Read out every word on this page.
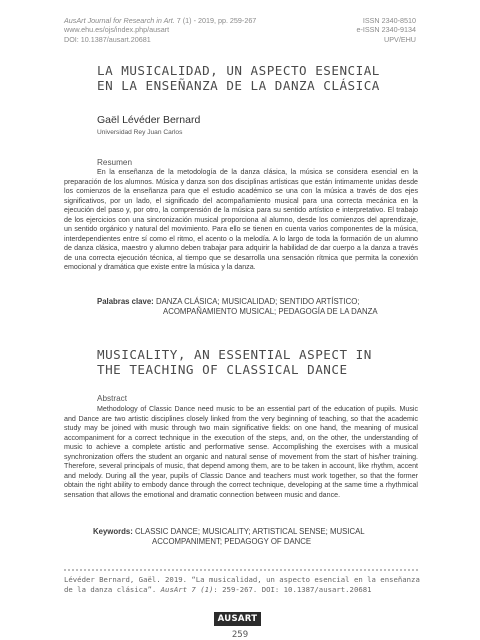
AusArt Journal for Research in Art. 7 (1) - 2019, pp. 259-267
www.ehu.es/ojs/index.php/ausart
DOI: 10.1387/ausart.20681
ISSN 2340-8510
e-ISSN 2340-9134
UPV/EHU
LA MUSICALIDAD, UN ASPECTO ESENCIAL
EN LA ENSEÑANZA DE LA DANZA CLÁSICA
Gaël Lévéder Bernard
Universidad Rey Juan Carlos
Resumen

En la enseñanza de la metodología de la danza clásica, la música se considera esencial en la preparación de los alumnos. Música y danza son dos disciplinas artísticas que están íntimamente unidas desde los comienzos de la enseñanza para que el estudio académico se una con la música a través de dos ejes significativos, por un lado, el significado del acompañamiento musical para una correcta mecánica en la ejecución del paso y, por otro, la comprensión de la música para su sentido artístico e interpretativo. El trabajo de los ejercicios con una sincronización musical proporciona al alumno, desde los comienzos del aprendizaje, un sentido orgánico y natural del movimiento. Para ello se tienen en cuenta varios componentes de la música, interdependientes entre sí como el ritmo, el acento o la melodía. A lo largo de toda la formación de un alumno de danza clásica, maestro y alumno deben trabajar para adquirir la habilidad de dar cuerpo a la danza a través de una correcta ejecución técnica, al tiempo que se desarrolla una sensación rítmica que permita la conexión emocional y dramática que existe entre la música y la danza.

Palabras clave: DANZA CLÁSICA; MUSICALIDAD; SENTIDO ARTÍSTICO;
ACOMPAÑAMIENTO MUSICAL; PEDAGOGÍA DE LA DANZA
MUSICALITY, AN ESSENTIAL ASPECT IN
THE TEACHING OF CLASSICAL DANCE
Abstract

Methodology of Classic Dance need music to be an essential part of the education of pupils. Music and Dance are two artistic disciplines closely linked from the very beginning of teaching, so that the academic study may be joined with music through two main significative fields: on one hand, the meaning of musical accompaniment for a correct technique in the execution of the steps, and, on the other, the understanding of music to achieve a complete artistic and performative sense. Accomplishing the exercises with a musical synchronization offers the student an organic and natural sense of movement from the start of his/her training. Therefore, several principals of music, that depend among them, are to be taken in account, like rhythm, accent and melody. During all the year, pupils of Classic Dance and teachers must work together, so that the former obtain the right ability to embody dance through the correct technique, developing at the same time a rhythmical sensation that allows the emotional and dramatic connection between music and dance.

Keywords: CLASSIC DANCE; MUSICALITY; ARTISTICAL SENSE; MUSICAL
ACCOMPANIMENT; PEDAGOGY OF DANCE
Lévéder Bernard, Gaël. 2019. “La musicalidad, un aspecto esencial en la enseñanza de la danza clásica”. AusArt 7 (1): 259-267. DOI: 10.1387/ausart.20681
AUSART
259
